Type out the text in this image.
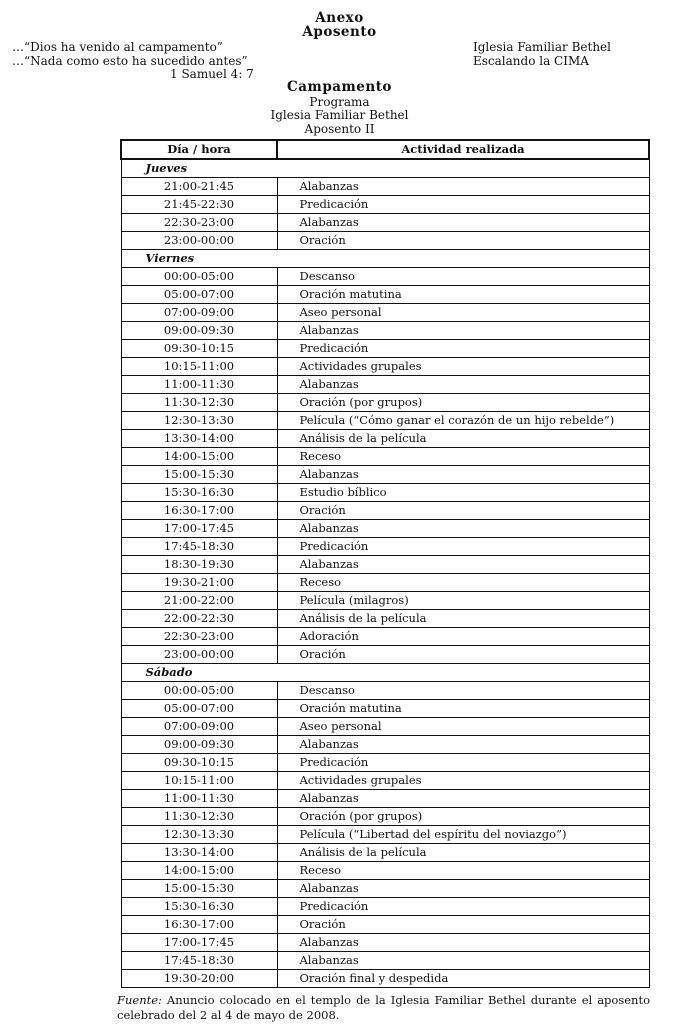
Anexo
Aposento
…“Dios ha venido al campamento”
…“Nada como esto ha sucedido antes”
1 Samuel 4: 7
Iglesia Familiar Bethel
Escalando la CIMA
Campamento
Programa
Iglesia Familiar Bethel
Aposento II
Día / hora	Actividad realizada
Jueves	
21:00-21:45	Alabanzas
21:45-22:30	Predicación
22:30-23:00	Alabanzas
23:00-00:00	Oración
Viernes	
00:00-05:00	Descanso
05:00-07:00	Oración matutina
07:00-09:00	Aseo personal
09:00-09:30	Alabanzas
09:30-10:15	Predicación
10:15-11:00	Actividades grupales
11:00-11:30	Alabanzas
11:30-12:30	Oración (por grupos)
12:30-13:30	Película (“Cómo ganar el corazón de un hijo rebelde”)
13:30-14:00	Análisis de la película
14:00-15:00	Receso
15:00-15:30	Alabanzas
15:30-16:30	Estudio bíblico
16:30-17:00	Oración
17:00-17:45	Alabanzas
17:45-18:30	Predicación
18:30-19:30	Alabanzas
19:30-21:00	Receso
21:00-22:00	Película (milagros)
22:00-22:30	Análisis de la película
22:30-23:00	Adoración
23:00-00:00	Oración
Sábado	
00:00-05:00	Descanso
05:00-07:00	Oración matutina
07:00-09:00	Aseo personal
09:00-09:30	Alabanzas
09:30-10:15	Predicación
10:15-11:00	Actividades grupales
11:00-11:30	Alabanzas
11:30-12:30	Oración (por grupos)
12:30-13:30	Película (“Libertad del espíritu del noviazgo”)
13:30-14:00	Análisis de la película
14:00-15:00	Receso
15:00-15:30	Alabanzas
15:30-16:30	Predicación
16:30-17:00	Oración
17:00-17:45	Alabanzas
17:45-18:30	Alabanzas
19:30-20:00	Oración final y despedida
Fuente: Anuncio colocado en el templo de la Iglesia Familiar Bethel durante el aposento celebrado del 2 al 4 de mayo de 2008.
